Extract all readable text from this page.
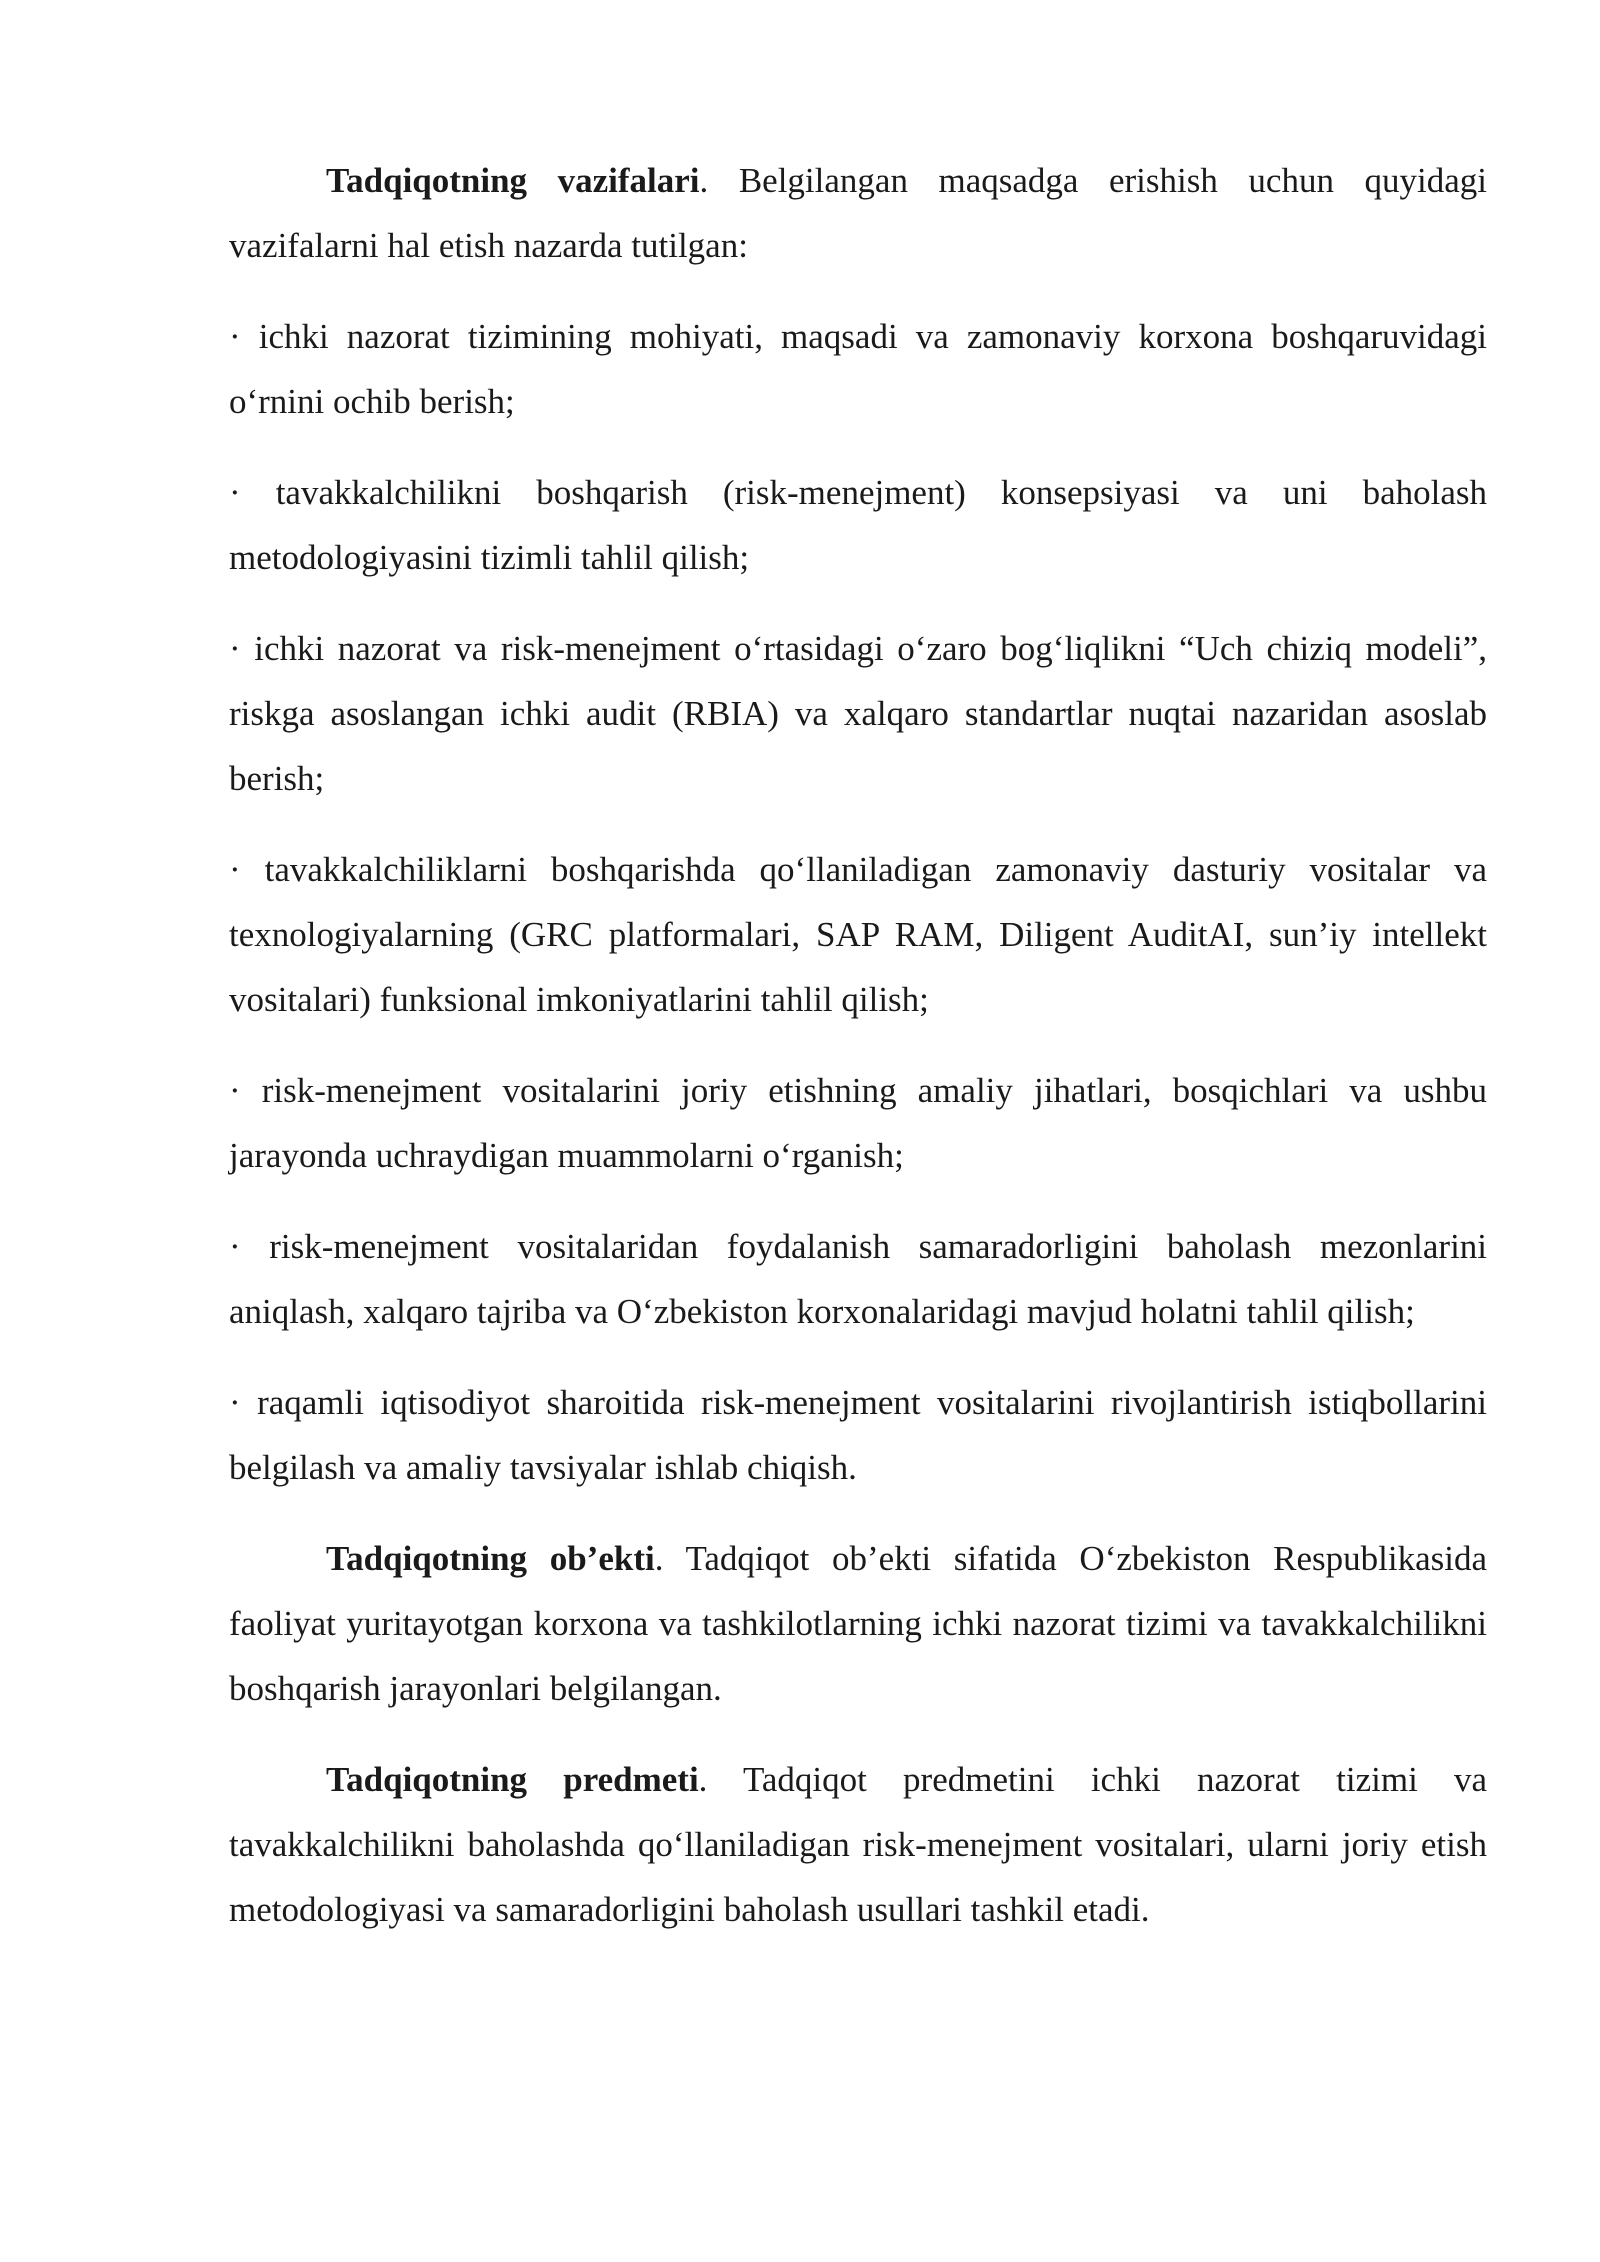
Tadqiqotning vazifalari. Belgilangan maqsadga erishish uchun quyidagi vazifalarni hal etish nazarda tutilgan:

· ichki nazorat tizimining mohiyati, maqsadi va zamonaviy korxona boshqaruvidagi o‘rnini ochib berish;

· tavakkalchilikni boshqarish (risk-menejment) konsepsiyasi va uni baholash metodologiyasini tizimli tahlil qilish;

· ichki nazorat va risk-menejment o‘rtasidagi o‘zaro bog‘liqlikni “Uch chiziq modeli”, riskga asoslangan ichki audit (RBIA) va xalqaro standartlar nuqtai nazaridan asoslab berish;

· tavakkalchiliklarni boshqarishda qo‘llaniladigan zamonaviy dasturiy vositalar va texnologiyalarning (GRC platformalari, SAP RAM, Diligent AuditAI, sun’iy intellekt vositalari) funksional imkoniyatlarini tahlil qilish;

· risk-menejment vositalarini joriy etishning amaliy jihatlari, bosqichlari va ushbu jarayonda uchraydigan muammolarni o‘rganish;

· risk-menejment vositalaridan foydalanish samaradorligini baholash mezonlarini aniqlash, xalqaro tajriba va O‘zbekiston korxonalaridagi mavjud holatni tahlil qilish;

· raqamli iqtisodiyot sharoitida risk-menejment vositalarini rivojlantirish istiqbollarini belgilash va amaliy tavsiyalar ishlab chiqish.

Tadqiqotning ob’ekti. Tadqiqot ob’ekti sifatida O‘zbekiston Respublikasida faoliyat yuritayotgan korxona va tashkilotlarning ichki nazorat tizimi va tavakkalchilikni boshqarish jarayonlari belgilangan.

Tadqiqotning predmeti. Tadqiqot predmetini ichki nazorat tizimi va tavakkalchilikni baholashda qo‘llaniladigan risk-menejment vositalari, ularni joriy etish metodologiyasi va samaradorligini baholash usullari tashkil etadi.
